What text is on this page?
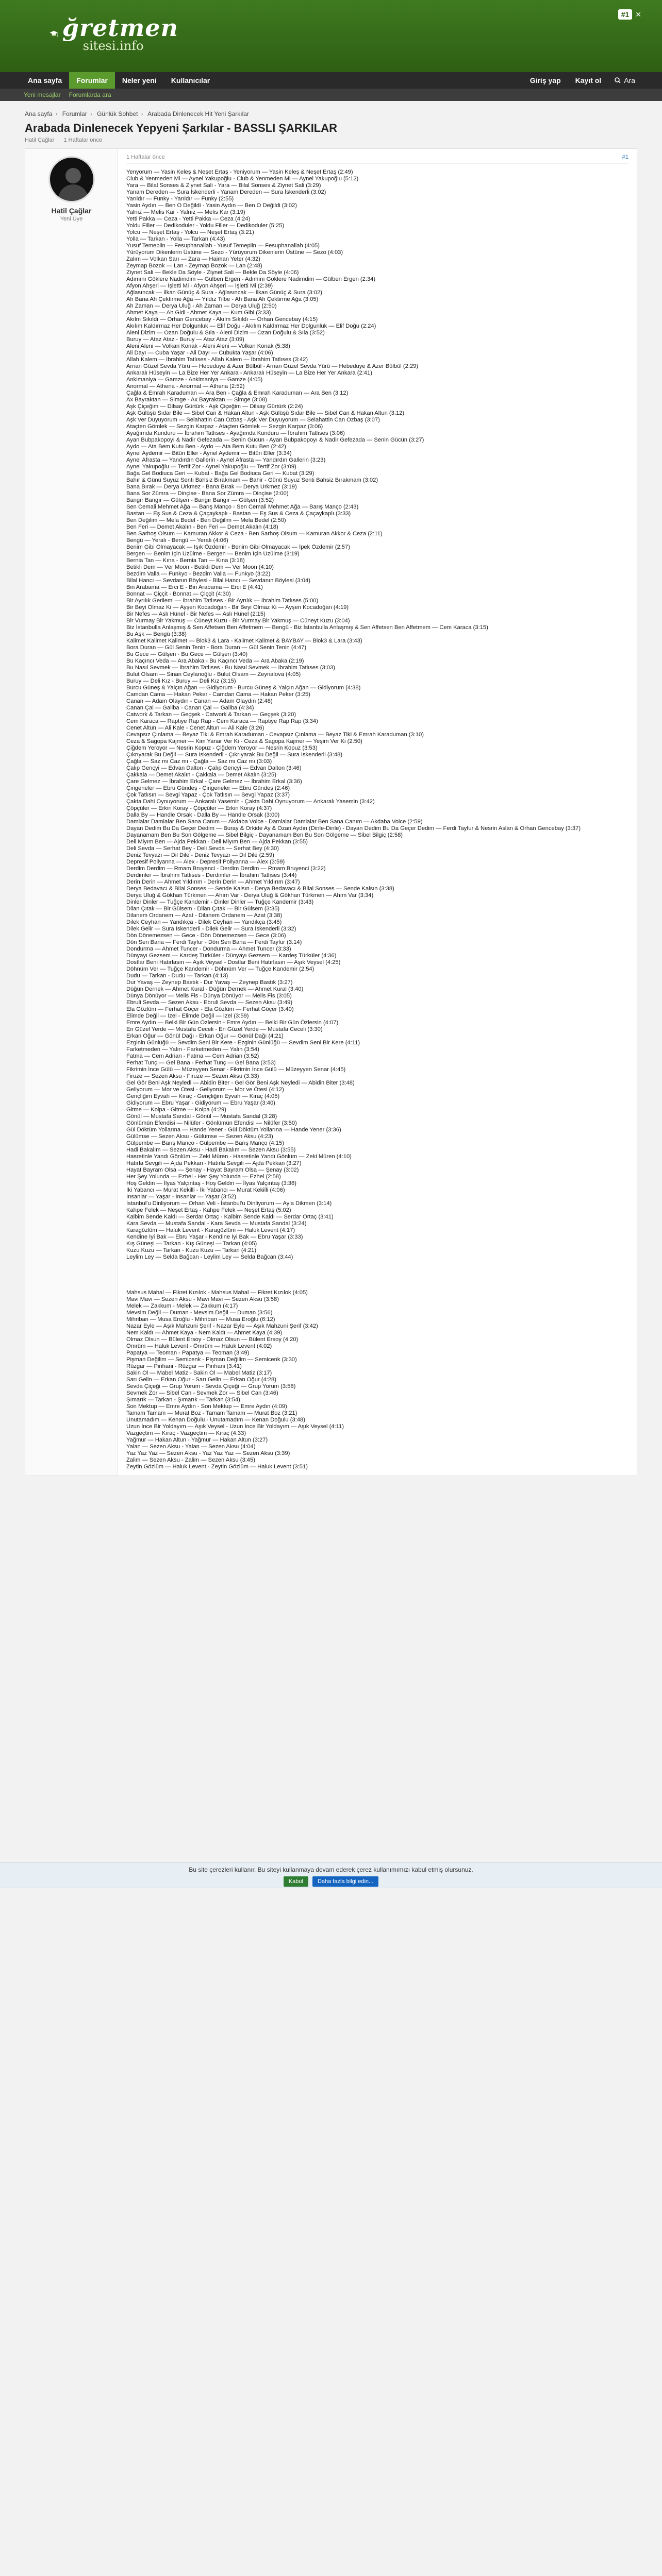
ğretmen
sitesi.info
#1 ✕
Ana sayfa	Forumlar	Neler yeni	Kullanıcılar	Giriş yap	Kayıt ol	Ara
Yeni mesajlar Forumlarda ara
Ana sayfa › Forumlar › Günlük Sohbet › Arabada Dinlenecek Hit Yeni Şarkılar
Arabada Dinlenecek Yepyeni Şarkılar - BASSLI ŞARKILAR
Hatil Çağlar 1 Haftalar önce
Hatil Çağlar
Yeni Üye
1 Haftalar önce	#1
Yenyorum — Yasin Keleş & Neşet Ertaş - Yeniyorum — Yasin Keleş & Neşet Ertaş (2:49)
Club & Yenmeden Mi — Aynel Yakupoğlu - Club & Yenmeden Mi — Aynel Yakupoğlu (5:12)
Yara — Bilal Sonses & Ziynet Sali - Yara — Bilal Sonses & Ziynet Sali (3:29)
Yanam Dereden — Sura İskenderli - Yanam Dereden — Sura İskenderli (3:02)
Yarıldır — Funky - Yarıldır — Funky (2:55)
Yasin Aydın — Ben O Değildi - Yasin Aydın — Ben O Değildi (3:02)
Yalnız — Melis Kar - Yalnız — Melis Kar (3:19)
Yetti Pakka — Ceza - Yetti Pakka — Ceza (4:24)
Yoldu Filler — Dedikoduler - Yoldu Filler — Dedikoduler (5:25)
Yolcu — Neşet Ertaş - Yolcu — Neşet Ertaş (3:21)
Yolla — Tarkan - Yolla — Tarkan (4:43)
Yusuf Temeplin — Fesuphanallah - Yusuf Temeplin — Fesuphanallah (4:05)
Yürüyorum Dikenlerin Üstüne — Sezo - Yürüyorum Dikenlerin Üstüne — Sezo (4:03)
Zalım — Volkan Sarı — Zara — Haiman Yeter (4:32)
Zeymap Bozok — Lan - Zeymap Bozok — Lan (2:48)
Ziynet Sali — Bekle Da Söyle - Ziynet Sali — Bekle Da Söyle (4:06)
Adımını Göklere Nadimdim — Gülben Ergen - Adımını Göklere Nadimdim — Gülben Ergen (2:34)
Afyon Ahşeri — İşletti Mi - Afyon Ahşeri — İşletti Mi (2:39)
Ağlasıncak — İlkan Günüç & Sura - Ağlasıncak — İlkan Günüç & Sura (3:02)
Ah Bana Ah Çektirme Ağa — Yıldız Tilbe - Ah Bana Ah Çektirme Ağa (3:05)
Ah Zaman — Derya Uluğ - Ah Zaman — Derya Uluğ (2:50)
Ahmet Kaya — Ah Gidi - Ahmet Kaya — Kum Gibi (3:33)
Akılm Sıkıldı — Orhan Gencebay - Akılm Sıkıldı — Orhan Gencebay (4:15)
Akılım Kaldırmaz Her Dolgunluk — Elif Doğu - Akılım Kaldırmaz Her Dolgunluk — Elif Doğu (2:24)
Aleni Dizim — Özan Doğulu & Sıla - Aleni Dizim — Özan Doğulu & Sıla (3:52)
Buruy — Ataz Ataz - Buruy — Ataz Ataz (3:09)
Aleni Aleni — Volkan Konak - Aleni Aleni — Volkan Konak (5:38)
Ali Dayı — Cuba Yaşar - Ali Dayı — Cubukta Yaşar (4:06)
Allah Kalem — İbrahim Tatlıses - Allah Kalem — İbrahim Tatlıses (3:42)
Arnan Güzel Sevda Yürü — Hebeduye & Azer Bülbül - Arnan Güzel Sevda Yürü — Hebeduye & Azer Bülbül (2:29)
Ankaralı Hüseyin — La Bize Her Yer Ankara - Ankaralı Hüseyin — La Bize Her Yer Ankara (2:41)
Ankimaniya — Gamze - Ankimaniya — Gamze (4:05)
Anormal — Athena - Anormal — Athena (2:52)
Çağla & Emrah Karaduman — Ara Ben - Çağla & Emrah Karaduman — Ara Ben (3:12)
Ax Bayraktan — Simge - Ax Bayraktan — Simge (3:08)
Aşk Çiçeğim — Dilsay Gürtürk - Aşk Çiçeğim — Dilsay Gürtürk (2:24)
Aşk Gülüşü Sıdar Bile — Sibel Can & Hakan Altun - Aşk Gülüşü Sıdar Bile — Sibel Can & Hakan Altun (3:12)
Aşk Ver Duyuyorum — Selahattin Can Özbaş - Aşk Ver Duyuyorum — Selahattin Can Özbaş (3:07)
Ataçten Gömlek — Sezgin Karpaz - Ataçten Gömlek — Sezgin Karpaz (3:06)
Ayağımda Kunduru — İbrahim Tatlıses - Ayağımda Kunduru — İbrahim Tatlıses (3:06)
Ayan Bubpakopoyı & Nadir Gefezada — Senin Gücün - Ayan Bubpakopoyı & Nadir Gefezada — Senin Gücün (3:27)
Aydo — Ata Bem Kutu Ben - Aydo — Ata Bem Kutu Ben (2:42)
Aynel Aydemir — Bitün Eller - Aynel Aydemir — Bitün Eller (3:34)
Aynel Afrasta — Yandırdın Gallerin - Aynel Afrasta — Yandırdın Gallerin (3:23)
Aynel Yakupoğlu — Tertif Zor - Aynel Yakupoğlu — Tertif Zor (3:09)
Bağa Gel Bodiuca Geri — Kubat - Bağa Gel Bodiuca Geri — Kubat (3:29)
Bahır & Günü Suyuz Senti Bahsiz Bırakmam — Bahir - Günü Suyuz Senti Bahsiz Bırakmam (3:02)
Bana Bırak — Derya Ürkmez - Bana Bırak — Derya Ürkmez (3:19)
Bana Sor Zümra — Dinçise - Bana Sor Zümra — Dinçise (2:00)
Bangır Bangır — Gülşen - Bangır Bangır — Gülşen (3:52)
Sen Cemali Mehmet Ağa — Barış Manço - Sen Cemali Mehmet Ağa — Barış Manço (2:43)
Bastan — Eş Sus & Ceza & Çaçaykaplı - Bastan — Eş Sus & Ceza & Çaçaykaplı (3:33)
Ben Değilim — Mela Bedel - Ben Değilim — Mela Bedel (2:50)
Ben Feri — Demet Akalın - Ben Feri — Demet Akalın (4:18)
Ben Sarhoş Olsum — Kamuran Akkor & Ceza - Ben Sarhoş Olsum — Kamuran Akkor & Ceza (2:11)
Bengü — Yeralı - Bengü — Yeralı (4:06)
Benim Gibi Olmayacak — Işık Özdemir - Benim Gibi Olmayacak — İpek Özdemir (2:57)
Bergen — Benim İçin Üzülme - Bergen — Benim İçin Üzülme (3:19)
Bernia Tan — Kına - Bernia Tan — Kına (3:18)
Betikli Dem — Ver Moon - Betikli Dem — Ver Moon (4:10)
Bezdim Valla — Funkyo - Bezdim Valla — Funkyo (3:22)
Bilal Hancı — Sevdanın Böylesi - Bilal Hancı — Sevdanın Böylesi (3:04)
Bin Arabama — Erci E - Bin Arabama — Erci E (4:41)
Bonnat — Çiççit - Bonnat — Çiççit (4:30)
Bir Ayrılık Gerilemi — İbrahim Tatlıses - Bir Ayrılık — İbrahim Tatlıses (5:00)
Bir Beyi Olmaz Ki — Ayşen Kocadoğan - Bir Beyi Olmaz Ki — Ayşen Kocadoğan (4:19)
Bir Nefes — Aslı Hünel - Bir Nefes — Aslı Hünel (2:15)
Bir Vurmay Bir Yakmuş — Cüneyt Kuzu - Bir Vurmay Bir Yakmuş — Cüneyt Kuzu (3:04)
Biz İstanbulla Anlaşmış & Sen Affetsen Ben Affetmem — Bengü - Biz İstanbulla Anlaşmış & Sen Affetsen Ben Affetmem — Cem Karaca (3:15)
Bu Aşk — Bengü (3:38)
Kalimet Kalimet Kalimet — Blok3 & Lara - Kalimet Kalimet & BAYBAY — Blok3 & Lara (3:43)
Bora Duran — Gül Senin Tenin - Bora Duran — Gül Senin Tenin (4:47)
Bu Gece — Gülşen - Bu Gece — Gülşen (3:40)
Bu Kaçıncı Veda — Ara Abaka - Bu Kaçıncı Veda — Ara Abaka (2:19)
Bu Nasıl Sevmek — İbrahim Tatlıses - Bu Nasıl Sevmek — İbrahim Tatlıses (3:03)
Bulut Olsam — Sinan Ceylanoğlu - Bulut Olsam — Zeynalova (4:05)
Buruy — Deli Kız - Buruy — Deli Kız (3:15)
Burcu Güneş & Yalçın Ağan — Gidiyorum - Burcu Güneş & Yalçın Ağan — Gidiyorum (4:38)
Camdan Cama — Hakan Peker - Camdan Cama — Hakan Peker (3:25)
Canan — Adam Olaydın - Canan — Adam Olaydın (2:48)
Canan Çal — Gallba - Canan Çal — Gallba (4:34)
Catwork & Tarkan — Geçşek - Catwork & Tarkan — Geçşek (3:20)
Cem Karaca — Raptiye Rap Rap - Cem Karaca — Raptiye Rap Rap (3:34)
Cenet Altun — Ali Kale - Cenet Altun — Ali Kale (3:26)
Cevapsız Çınlama — Beyaz Tiki & Emrah Karaduman - Cevapsız Çınlama — Beyaz Tiki & Emrah Karaduman (3:10)
Ceza & Sagopa Kajmer — Kim Yanar Ver Ki - Ceza & Sagopa Kajmer — Yeşim Ver Ki (2:50)
Çiğdem Yeroyor — Nesrin Kopuz - Çiğdem Yeroyor — Nesrin Kopuz (3:53)
Çıkrıyarak Bu Değil — Sura İskenderli - Çıkrıyarak Bu Değil — Sura İskenderli (3:48)
Çağla — Saz mı Caz mı - Çağla — Saz mı Caz mı (3:03)
Çalıp Gençyi — Edvan Dalton - Çalıp Gençyi — Edvan Dalton (3:46)
Çakkala — Demet Akalın - Çakkala — Demet Akalın (3:25)
Çare Gelmez — İbrahim Erkal - Çare Gelmez — İbrahim Erkal (3:36)
Çingeneler — Ebru Gündeş - Çingeneler — Ebru Gündeş (2:46)
Çok Tatlısın — Sevgi Yapaz - Çok Tatlısın — Sevgi Yapaz (3:37)
Çakta Dahi Oynuyorum — Ankaralı Yasemin - Çakta Dahi Oynuyorum — Ankaralı Yasemin (3:42)
Çöpçüler — Erkin Koray - Çöpçüler — Erkin Koray (4:37)
Dalla By — Handle Orsak - Dalla By — Handle Orsak (3:00)
Damlalar Damlalar Ben Sana Canım — Akdaba Volce - Damlalar Damlalar Ben Sana Canım — Akdaba Volce (2:59)
Dayan Dedim Bu Da Geçer Dedim — Buray & Orkide Ay & Ozan Aydın (Dinle-Dinle) - Dayan Dedim Bu Da Geçer Dedim — Ferdi Tayfur & Nesrin Aslan & Orhan Gencebay (3:37)
Dayanamam Ben Bu Son Gölgeme — Sibel Bilgiç - Dayanamam Ben Bu Son Gölgeme — Sibel Bilgiç (2:58)
Deli Miyım Ben — Ajda Pekkan - Deli Miyım Ben — Ajda Pekkan (3:55)
Deli Sevda — Serhat Bey - Deli Sevda — Serhat Bey (4:30)
Deniz Tevyazı — Dil Dile - Deniz Tevyazı — Dil Dile (2:59)
Depresif Pollyanna — Alex - Depresif Pollyanna — Alex (3:59)
Derdim Derdim — Rmam Bruyenci - Derdim Derdim — Rmam Bruyenci (3:22)
Derdimler — İbrahim Tatlıses - Derdimler — İbrahim Tatlıses (3:44)
Derin Derin — Ahmet Yıldırım - Derin Derin — Ahmet Yıldırım (3:47)
Derya Bedavacı & Bilal Sonses — Sende Kalsın - Derya Bedavacı & Bilal Sonses — Sende Kalsın (3:38)
Derya Uluğ & Gökhan Türkmen — Ahım Var - Derya Uluğ & Gökhan Türkmen — Ahım Var (3:34)
Dinler Dinler — Tuğçe Kandemir - Dinler Dinler — Tuğçe Kandemir (3:43)
Dilan Çıtak — Bir Gülsem - Dilan Çıtak — Bir Gülsem (3:35)
Dilanem Ordanem — Azat - Dilanem Ordanem — Azat (3:38)
Dilek Ceyhan — Yandıkça - Dilek Ceyhan — Yandıkça (3:45)
Dilek Gelir — Sura İskenderli - Dilek Gelir — Sura İskenderli (3:32)
Dön Dönemezsen — Gece - Dön Dönemezsen — Gece (3:06)
Dön Sen Bana — Ferdi Tayfur - Dön Sen Bana — Ferdi Tayfur (3:14)
Dondurma — Ahmet Tuncer - Dondurma — Ahmet Tuncer (3:33)
Dünyayı Gezsem — Kardeş Türküler - Dünyayı Gezsem — Kardeş Türküler (4:36)
Dostlar Beni Hatırlasın — Aşık Veysel - Dostlar Beni Hatırlasın — Aşık Veysel (4:25)
Döhnüm Ver — Tuğçe Kandemir - Döhnüm Ver — Tuğçe Kandemir (2:54)
Dudu — Tarkan - Dudu — Tarkan (4:13)
Dur Yavaş — Zeynep Bastık - Dur Yavaş — Zeynep Bastık (3:27)
Düğün Dernek — Ahmet Kural - Düğün Dernek — Ahmet Kural (3:40)
Dünya Dönüyor — Melis Fis - Dünya Dönüyor — Melis Fis (3:05)
Ebruli Sevda — Sezen Aksu - Ebruli Sevda — Sezen Aksu (3:49)
Ela Gözlüm — Ferhat Göçer - Ela Gözlüm — Ferhat Göçer (3:40)
Elimde Değil — İzel - Elimde Değil — İzel (3:59)
Emre Aydın — Belki Bir Gün Özlersin - Emre Aydın — Belki Bir Gün Özlersin (4:07)
En Güzel Yerde — Mustafa Ceceli - En Güzel Yerde — Mustafa Ceceli (3:30)
Erkan Oğur — Gönül Dağı - Erkan Oğur — Gönül Dağı (4:21)
Ezginin Günlüğü — Sevdim Seni Bir Kere - Ezginin Günlüğü — Sevdim Seni Bir Kere (4:11)
Farketmeden — Yalın - Farketmeden — Yalın (3:54)
Fatma — Cem Adrian - Fatma — Cem Adrian (3:52)
Ferhat Tunç — Gel Bana - Ferhat Tunç — Gel Bana (3:53)
Fikrimin İnce Gülü — Müzeyyen Senar - Fikrimin İnce Gülü — Müzeyyen Senar (4:45)
Firuze — Sezen Aksu - Firuze — Sezen Aksu (3:33)
Gel Gör Beni Aşk Neyledi — Abidin Biter - Gel Gör Beni Aşk Neyledi — Abidin Biter (3:48)
Geliyorum — Mor ve Ötesi - Geliyorum — Mor ve Ötesi (4:12)
Gençliğim Eyvah — Kıraç - Gençliğim Eyvah — Kıraç (4:05)
Gidiyorum — Ebru Yaşar - Gidiyorum — Ebru Yaşar (3:40)
Gitme — Kolpa - Gitme — Kolpa (4:29)
Gönül — Mustafa Sandal - Gönül — Mustafa Sandal (3:28)
Gönlümün Efendisi — Nilüfer - Gönlümün Efendisi — Nilüfer (3:50)
Gül Döktüm Yollarına — Hande Yener - Gül Döktüm Yollarına — Hande Yener (3:36)
Gülümse — Sezen Aksu - Gülümse — Sezen Aksu (4:23)
Gülpembe — Barış Manço - Gülpembe — Barış Manço (4:15)
Hadi Bakalım — Sezen Aksu - Hadi Bakalım — Sezen Aksu (3:55)
Hasretinle Yandı Gönlüm — Zeki Müren - Hasretinle Yandı Gönlüm — Zeki Müren (4:10)
Hatırla Sevgili — Ajda Pekkan - Hatırla Sevgili — Ajda Pekkan (3:27)
Hayat Bayram Olsa — Şenay - Hayat Bayram Olsa — Şenay (3:02)
Her Şey Yolunda — Ezhel - Her Şey Yolunda — Ezhel (2:58)
Hoş Geldin — İlyas Yalçıntaş - Hoş Geldin — İlyas Yalçıntaş (3:36)
İki Yabancı — Murat Kekilli - İki Yabancı — Murat Kekilli (4:06)
İnsanlar — Yaşar - İnsanlar — Yaşar (3:52)
İstanbul'u Dinliyorum — Orhan Veli - İstanbul'u Dinliyorum — Ayla Dikmen (3:14)
Kahpe Felek — Neşet Ertaş - Kahpe Felek — Neşet Ertaş (5:02)
Kalbim Sende Kaldı — Serdar Ortaç - Kalbim Sende Kaldı — Serdar Ortaç (3:41)
Kara Sevda — Mustafa Sandal - Kara Sevda — Mustafa Sandal (3:24)
Karagözlüm — Haluk Levent - Karagözlüm — Haluk Levent (4:17)
Kendine İyi Bak — Ebru Yaşar - Kendine İyi Bak — Ebru Yaşar (3:33)
Kış Güneşi — Tarkan - Kış Güneşi — Tarkan (4:05)
Kuzu Kuzu — Tarkan - Kuzu Kuzu — Tarkan (4:21)
Leylim Ley — Selda Bağcan - Leylim Ley — Selda Bağcan (3:44)
Mahsus Mahal — Fikret Kızılok - Mahsus Mahal — Fikret Kızılok (4:05)
Mavi Mavi — Sezen Aksu - Mavi Mavi — Sezen Aksu (3:58)
Melek — Zakkum - Melek — Zakkum (4:17)
Mevsim Değil — Duman - Mevsim Değil — Duman (3:56)
Mihriban — Musa Eroğlu - Mihriban — Musa Eroğlu (6:12)
Nazar Eyle — Aşık Mahzuni Şerif - Nazar Eyle — Aşık Mahzuni Şerif (3:42)
Nem Kaldı — Ahmet Kaya - Nem Kaldı — Ahmet Kaya (4:39)
Olmaz Olsun — Bülent Ersoy - Olmaz Olsun — Bülent Ersoy (4:20)
Ömrüm — Haluk Levent - Ömrüm — Haluk Levent (4:02)
Papatya — Teoman - Papatya — Teoman (3:49)
Pişman Değilim — Semicenk - Pişman Değilim — Semicenk (3:30)
Rüzgar — Pinhani - Rüzgar — Pinhani (3:41)
Sakin Ol — Mabel Matiz - Sakin Ol — Mabel Matiz (3:17)
Sarı Gelin — Erkan Oğur - Sarı Gelin — Erkan Oğur (4:28)
Sevda Çiçeği — Grup Yorum - Sevda Çiçeği — Grup Yorum (3:58)
Sevmek Zor — Sibel Can - Sevmek Zor — Sibel Can (3:46)
Şımarık — Tarkan - Şımarık — Tarkan (3:54)
Son Mektup — Emre Aydın - Son Mektup — Emre Aydın (4:09)
Tamam Tamam — Murat Boz - Tamam Tamam — Murat Boz (3:21)
Unutamadım — Kenan Doğulu - Unutamadım — Kenan Doğulu (3:48)
Uzun İnce Bir Yoldayım — Aşık Veysel - Uzun İnce Bir Yoldayım — Aşık Veysel (4:11)
Vazgeçtim — Kıraç - Vazgeçtim — Kıraç (4:33)
Yağmur — Hakan Altun - Yağmur — Hakan Altun (3:27)
Yalan — Sezen Aksu - Yalan — Sezen Aksu (4:04)
Yaz Yaz Yaz — Sezen Aksu - Yaz Yaz Yaz — Sezen Aksu (3:39)
Zalim — Sezen Aksu - Zalim — Sezen Aksu (3:45)
Zeytin Gözlüm — Haluk Levent - Zeytin Gözlüm — Haluk Levent (3:51)
Bu site çerezleri kullanır. Bu siteyi kullanmaya devam ederek çerez kullanımımızı kabul etmiş olursunuz.
Kabul	Daha fazla bilgi edin...
